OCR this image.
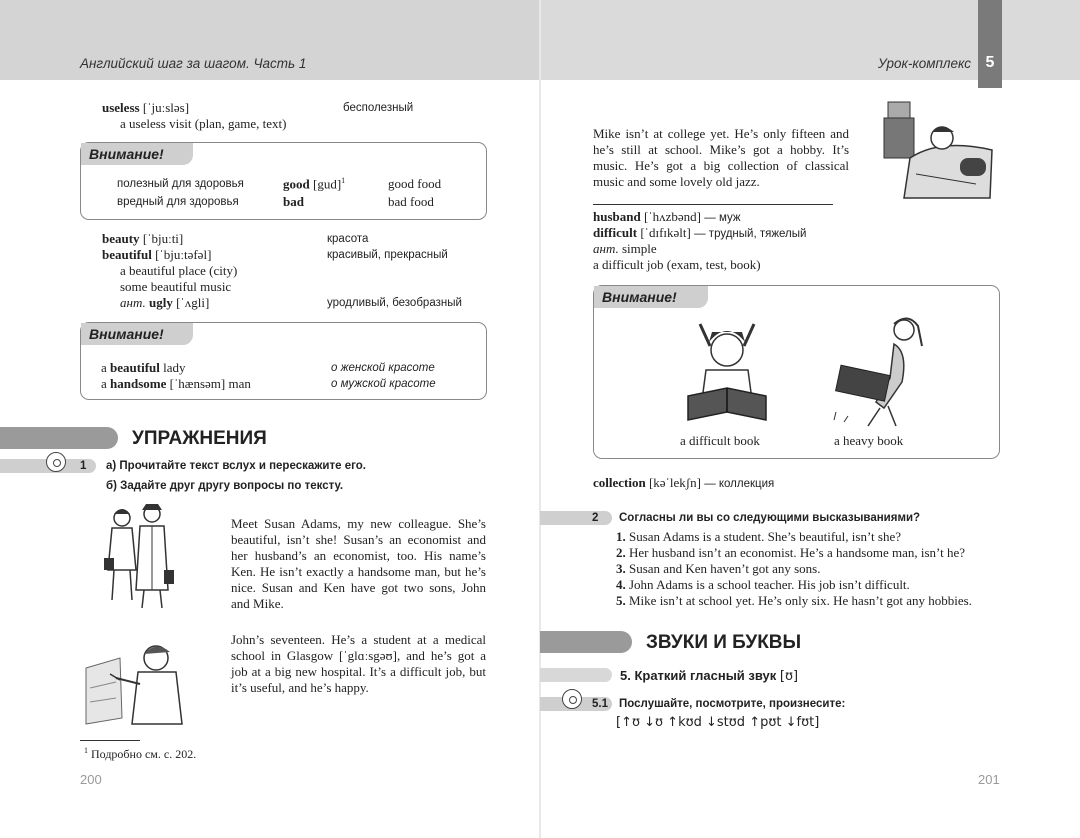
Английский шаг за шагом. Часть 1	Урок-комплекс 5
useless [ˈjuːsləs]	бесполезный
a useless visit (plan, game, text)
Внимание!
полезный для здоровья	good [gud]$^1$	good food
вредный для здоровья	bad	bad food
beauty [ˈbjuːti]	красота
beautiful [ˈbjuːtəfəl]	красивый, прекрасный
a beautiful place (city)
some beautiful music
ант. ugly [ˈʌgli]	уродливый, безобразный
Внимание!
a beautiful lady	о женской красоте
a handsome [ˈhænsəm] man	о мужской красоте
УПРАЖНЕНИЯ
1 а) Прочитайте текст вслух и перескажите его.
б) Задайте друг другу вопросы по тексту.
Meet Susan Adams, my new colleague. She’s beautiful, isn’t she! Susan’s an economist and her husband’s an economist, too. His name’s Ken. He isn’t exactly a handsome man, but he’s nice. Susan and Ken have got two sons, John and Mike.
John’s seventeen. He’s a student at a medical school in Glasgow [ˈglɑːsgəʊ], and he’s got a job at a big new hospital. It’s a difficult job, but it’s useful, and he’s happy.
$^1$ Подробно см. с. 202.
200
Mike isn’t at college yet. He’s only fifteen and he’s still at school. Mike’s got a hobby. It’s music. He’s got a big collection of classical music and some lovely old jazz.
husband [ˈhʌzbənd] — муж
difficult [ˈdɪfɪkəlt] — трудный, тяжелый
ант. simple
a difficult job (exam, test, book)
Внимание!
a difficult book	a heavy book
collection [kəˈlekʃn] — коллекция
2 Согласны ли вы со следующими высказываниями?
1. Susan Adams is a student. She’s beautiful, isn’t she?
2. Her husband isn’t an economist. He’s a handsome man, isn’t he?
3. Susan and Ken haven’t got any sons.
4. John Adams is a school teacher. His job isn’t difficult.
5. Mike isn’t at school yet. He’s only six. He hasn’t got any hobbies.
ЗВУКИ И БУКВЫ
5. Краткий гласный звук [ʊ]
5.1 Послушайте, посмотрите, произнесите:
[↑ʊ ↓ʊ ↑kʊd ↓stʊd ↑pʊt ↓fʊt]
201
